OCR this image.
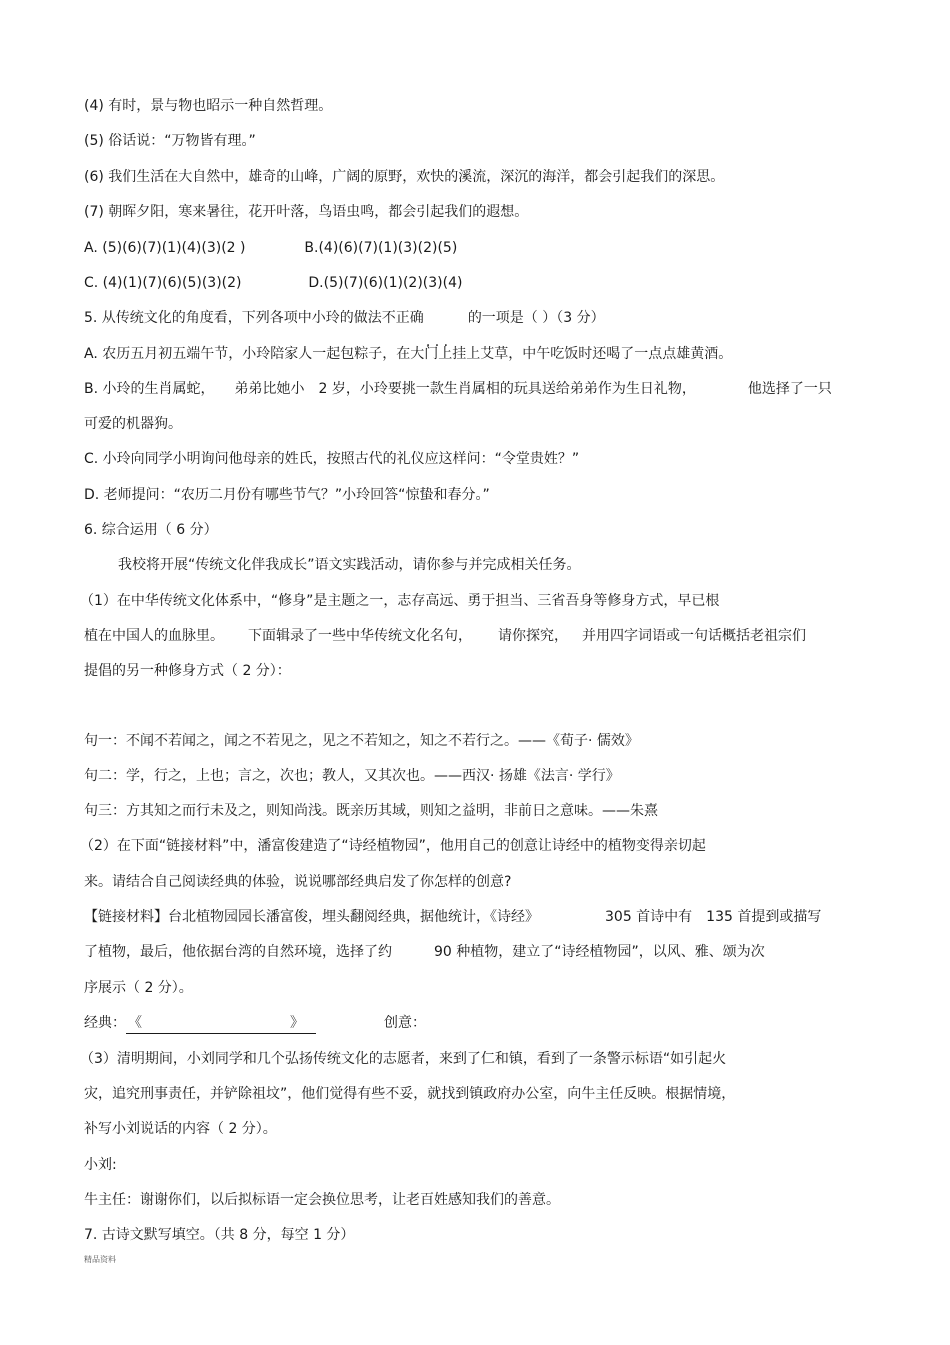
(4) 有时，景与物也昭示一种自然哲理。
(5) 俗话说：“万物皆有理。”
(6) 我们生活在大自然中，雄奇的山峰，广阔的原野，欢快的溪流，深沉的海洋，都会引起我们的深思。
(7) 朝晖夕阳，寒来暑往，花开叶落，鸟语虫鸣，都会引起我们的遐想。
A. (5)(6)(7)(1)(4)(3)(2 )	B.(4)(6)(7)(1)(3)(2)(5)
C. (4)(1)(7)(6)(5)(3)(2)	D.(5)(7)(6)(1)(2)(3)(4)
5. 从传统文化的角度看，下列各项中小玲的做法不正确
. . .
的一项是（ ）（3 分）
A. 农历五月初五端午节，小玲陪家人一起包粽子，在大门上挂上艾草，中午吃饭时还喝了一点点雄黄酒。
B. 小玲的生肖属蛇， 弟弟比她小 2 岁，小玲要挑一款生肖属相的玩具送给弟弟作为生日礼物，	他选择了一只
可爱的机器狗。
C. 小玲向同学小明询问他母亲的姓氏，按照古代的礼仪应这样问：“令堂贵姓？”
D. 老师提问：“农历二月份有哪些节气？”小玲回答“惊蛰和春分。”
6. 综合运用（ 6 分）
我校将开展“传统文化伴我成长”语文实践活动，请你参与并完成相关任务。
（1）在中华传统文化体系中，“修身”是主题之一，志存高远、勇于担当、三省吾身等修身方式，早已根
植在中国人的血脉里。 下面辑录了一些中华传统文化名句， 请你探究， 并用四字词语或一句话概括老祖宗们
提倡的另一种修身方式（ 2 分）：
句一：不闻不若闻之，闻之不若见之，见之不若知之，知之不若行之。——《荀子· 儒效》
句二：学，行之，上也；言之，次也；教人，又其次也。——西汉· 扬雄《法言· 学行》
句三：方其知之而行未及之，则知尚浅。既亲历其域，则知之益明，非前日之意味。——朱熹
（2）在下面“链接材料”中，潘富俊建造了“诗经植物园”，他用自己的创意让诗经中的植物变得亲切起
来。请结合自己阅读经典的体验，说说哪部经典启发了你怎样的创意?
【链接材料】台北植物园园长潘富俊，埋头翻阅经典，据他统计，《诗经》	305 首诗中有 135 首提到或描写
了植物，最后，他依据台湾的自然环境，选择了约	90 种植物，建立了“诗经植物园”，以风、雅、颂为次
序展示（ 2 分）。
经典： 《	》	创意：
（3）清明期间，小刘同学和几个弘扬传统文化的志愿者，来到了仁和镇，看到了一条警示标语“如引起火
灾，追究刑事责任，并铲除祖坟”，他们觉得有些不妥，就找到镇政府办公室，向牛主任反映。根据情境，
补写小刘说话的内容（ 2 分）。
小刘:
牛主任：谢谢你们，以后拟标语一定会换位思考，让老百姓感知我们的善意。
7. 古诗文默写填空。（共 8 分，每空 1 分）
精品资料
